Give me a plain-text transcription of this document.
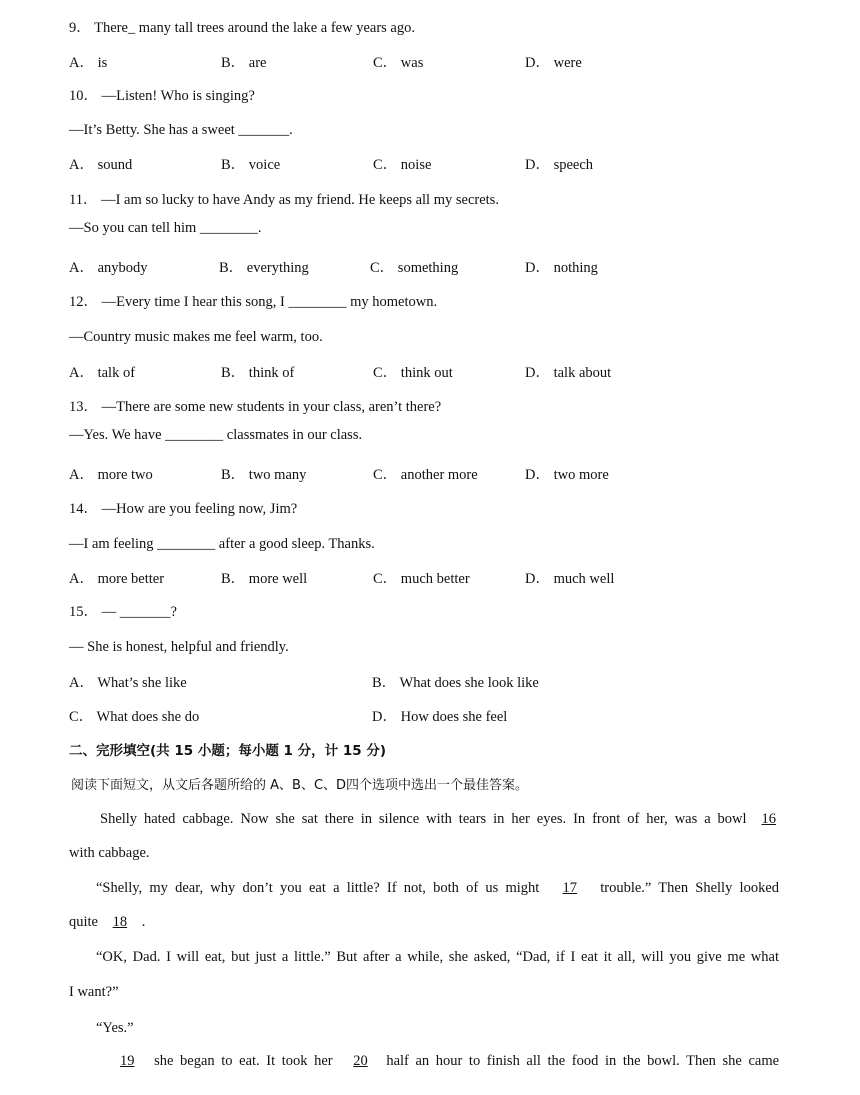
9． There_ many tall trees around the lake a few years ago.
A． is	B． are	C． was	D． were
10． —Listen! Who is singing?
—It’s Betty. She has a sweet _______.
A． sound	B． voice	C． noise	D． speech
11． —I am so lucky to have Andy as my friend. He keeps all my secrets.
—So you can tell him ________.
A． anybody	B． everything	C． something	D． nothing
12． —Every time I hear this song, I ________ my hometown.
—Country music makes me feel warm, too.
A． talk of	B． think of	C． think out	D． talk about
13． —There are some new students in your class, aren’t there?
—Yes. We have ________ classmates in our class.
A． more two	B． two many	C． another more	D． two more
14． —How are you feeling now, Jim?
—I am feeling ________ after a good sleep. Thanks.
A． more better	B． more well	C． much better	D． much well
15． — _______?
— She is honest, helpful and friendly.
A． What’s she like	B． What does she look like
C． What does she do	D． How does she feel
二、完形填空(共 15 小题；每小题 1 分，计 15 分)
阅读下面短文，从文后各题所给的 A、B、C、D四个选项中选出一个最佳答案。
Shelly hated cabbage. Now she sat there in silence with tears in her eyes. In front of her, was a bowl 16
with cabbage.
“Shelly, my dear, why don’t you eat a little? If not, both of us might 17 trouble.” Then Shelly looked
quite 18 .
“OK, Dad. I will eat, but just a little.” But after a while, she asked, “Dad, if I eat it all, will you give me what
I want?”
“Yes.”
19 she began to eat. It took her 20 half an hour to finish all the food in the bowl. Then she came
